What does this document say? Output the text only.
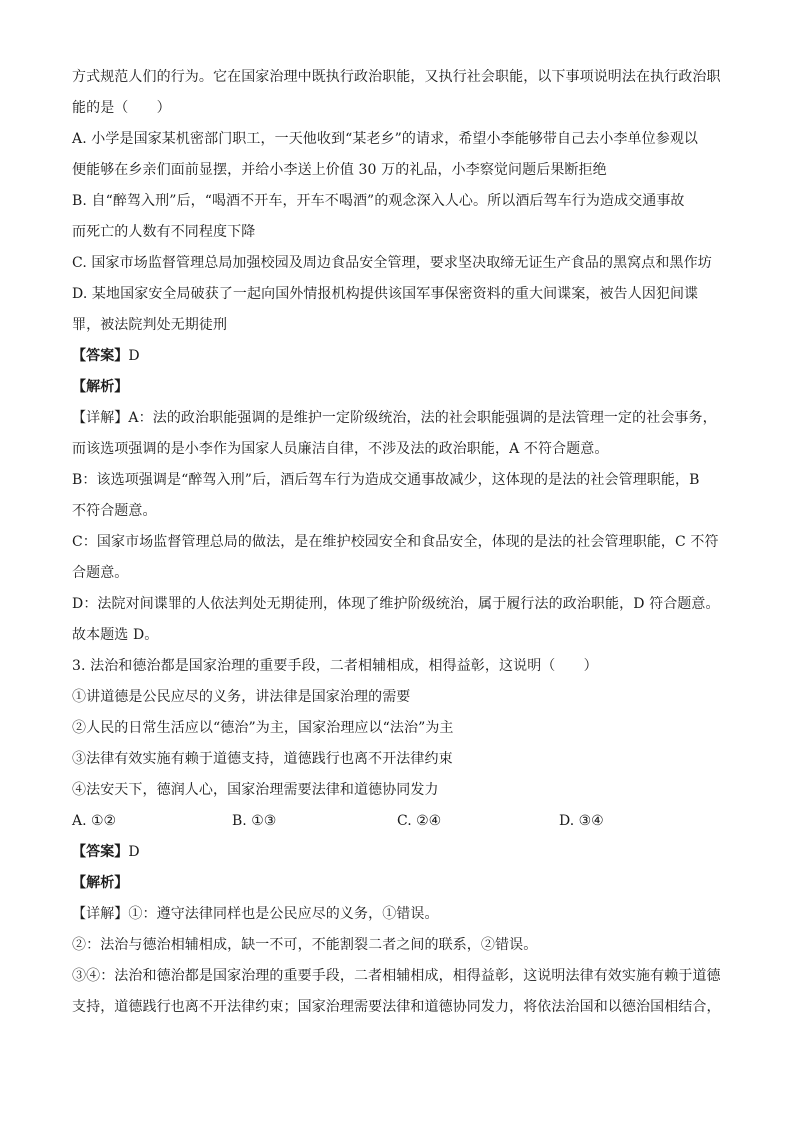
方式规范人们的行为。它在国家治理中既执行政治职能，又执行社会职能，以下事项说明法在执行政治职
能的是（　　）
A. 小学是国家某机密部门职工，一天他收到“某老乡”的请求，希望小李能够带自己去小李单位参观以
便能够在乡亲们面前显摆，并给小李送上价值 30 万的礼品，小李察觉问题后果断拒绝
B. 自“醉驾入刑”后，“喝酒不开车，开车不喝酒”的观念深入人心。所以酒后驾车行为造成交通事故
而死亡的人数有不同程度下降
C. 国家市场监督管理总局加强校园及周边食品安全管理，要求坚决取缔无证生产食品的黑窝点和黑作坊
D. 某地国家安全局破获了一起向国外情报机构提供该国军事保密资料的重大间谍案，被告人因犯间谍
罪，被法院判处无期徒刑
【答案】D
【解析】
【详解】A：法的政治职能强调的是维护一定阶级统治，法的社会职能强调的是法管理一定的社会事务，
而该选项强调的是小李作为国家人员廉洁自律，不涉及法的政治职能，A 不符合题意。
B：该选项强调是“醉驾入刑”后，酒后驾车行为造成交通事故减少，这体现的是法的社会管理职能，B
不符合题意。
C：国家市场监督管理总局的做法，是在维护校园安全和食品安全，体现的是法的社会管理职能，C 不符
合题意。
D：法院对间谍罪的人依法判处无期徒刑，体现了维护阶级统治，属于履行法的政治职能，D 符合题意。
故本题选 D。
3. 法治和德治都是国家治理的重要手段，二者相辅相成，相得益彰，这说明（　　）
①讲道德是公民应尽的义务，讲法律是国家治理的需要
②人民的日常生活应以“德治”为主，国家治理应以“法治”为主
③法律有效实施有赖于道德支持，道德践行也离不开法律约束
④法安天下，德润人心，国家治理需要法律和道德协同发力
A. ①②	B. ①③	C. ②④	D. ③④
【答案】D
【解析】
【详解】①：遵守法律同样也是公民应尽的义务，①错误。
②：法治与德治相辅相成，缺一不可，不能割裂二者之间的联系，②错误。
③④：法治和德治都是国家治理的重要手段，二者相辅相成，相得益彰，这说明法律有效实施有赖于道德
支持，道德践行也离不开法律约束；国家治理需要法律和道德协同发力，将依法治国和以德治国相结合，
